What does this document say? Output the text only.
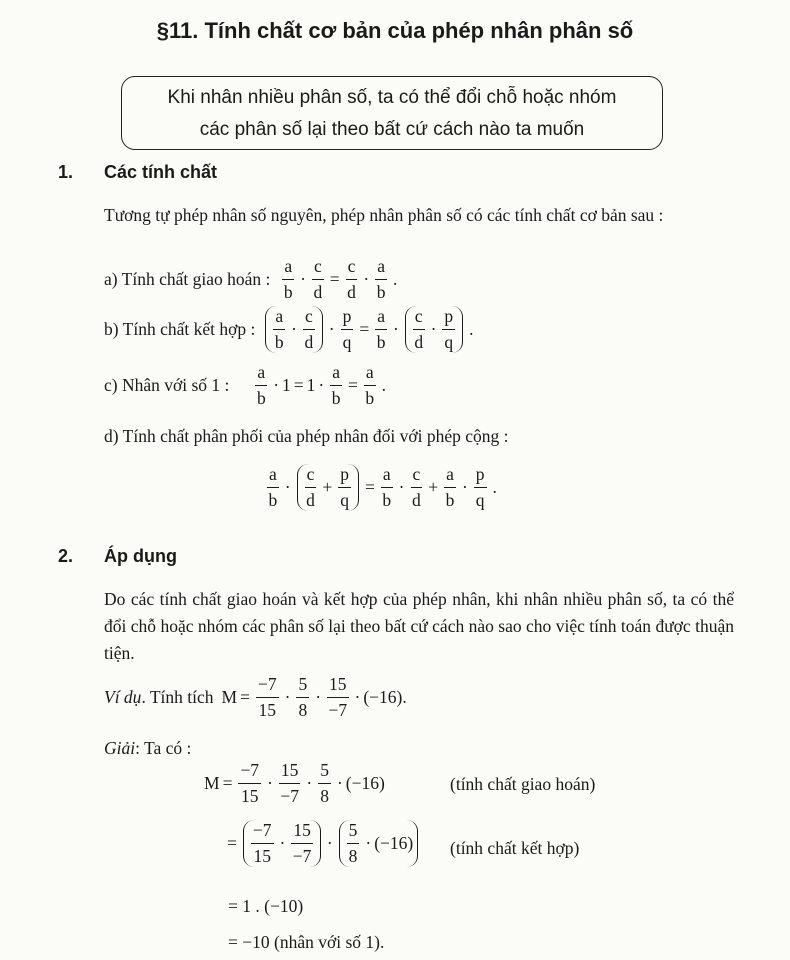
§11. Tính chất cơ bản của phép nhân phân số
Khi nhân nhiều phân số, ta có thể đổi chỗ hoặc nhóm
các phân số lại theo bất cứ cách nào ta muốn
1. Các tính chất
Tương tự phép nhân số nguyên, phép nhân phân số có các tính chất cơ bản sau :
a) Tính chất giao hoán : $\frac{a}{b} \cdot \frac{c}{d} = \frac{c}{d} \cdot \frac{a}{b}$ .
b) Tính chất kết hợp : $\frac{a}{b} \cdot \frac{c}{d} \cdot \frac{p}{q} = \frac{a}{b} \cdot \frac{c}{d} \cdot \frac{p}{q}$ .
c) Nhân với số 1 : $\frac{a}{b} \cdot 1 = 1 \cdot \frac{a}{b} = \frac{a}{b}$ .
d) Tính chất phân phối của phép nhân đối với phép cộng :
$\frac{a}{b} \cdot \frac{c}{d} + \frac{p}{q} = \frac{a}{b} \cdot \frac{c}{d} + \frac{a}{b} \cdot \frac{p}{q}$ .
2. Áp dụng
Do các tính chất giao hoán và kết hợp của phép nhân, khi nhân nhiều phân số, ta có thể đổi chỗ hoặc nhóm các phân số lại theo bất cứ cách nào sao cho việc tính toán được thuận tiện.
Ví dụ . Tính tích $M = \frac{-7}{15} \cdot \frac{5}{8} \cdot \frac{15}{-7} \cdot (-16)$ .
Giải : Ta có :
$M = \frac{-7}{15} \cdot \frac{15}{-7} \cdot \frac{5}{8} \cdot (-16)$	(tính chất giao hoán)
= $\frac{-7}{15} \cdot \frac{15}{-7} \cdot \frac{5}{8} \cdot (-16)$ (tính chất kết hợp)
= 1 . (−10)
= −10 (nhân với số 1).
